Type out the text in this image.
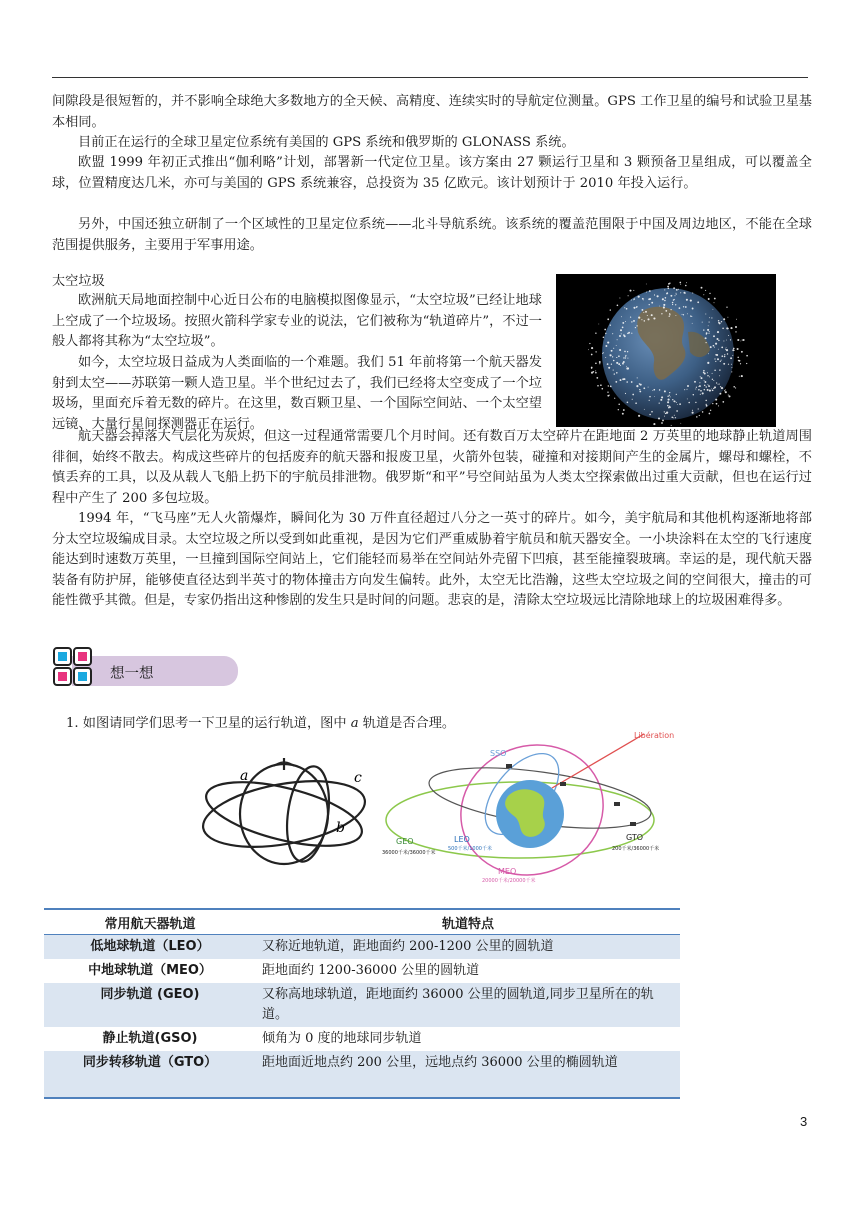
间隙段是很短暂的，并不影响全球绝大多数地方的全天候、高精度、连续实时的导航定位测量。GPS 工作卫星的编号和试验卫星基本相同。

目前正在运行的全球卫星定位系统有美国的 GPS 系统和俄罗斯的 GLONASS 系统。

欧盟 1999 年初正式推出“伽利略”计划，部署新一代定位卫星。该方案由 27 颗运行卫星和 3 颗预备卫星组成，可以覆盖全球，位置精度达几米，亦可与美国的 GPS 系统兼容，总投资为 35 亿欧元。该计划预计于 2010 年投入运行。

另外，中国还独立研制了一个区域性的卫星定位系统——北斗导航系统。该系统的覆盖范围限于中国及周边地区，不能在全球范围提供服务，主要用于军事用途。

太空垃圾

欧洲航天局地面控制中心近日公布的电脑模拟图像显示，“太空垃圾”已经让地球上空成了一个垃圾场。按照火箭科学家专业的说法，它们被称为“轨道碎片”，不过一般人都将其称为“太空垃圾”。

如今，太空垃圾日益成为人类面临的一个难题。我们 51 年前将第一个航天器发射到太空——苏联第一颗人造卫星。半个世纪过去了，我们已经将太空变成了一个垃圾场，里面充斥着无数的碎片。在这里，数百颗卫星、一个国际空间站、一个太空望远镜、大量行星间探测器正在运行。

航天器会掉落大气层化为灰烬，但这一过程通常需要几个月时间。还有数百万太空碎片在距地面 2 万英里的地球静止轨道周围徘徊，始终不散去。构成这些碎片的包括废弃的航天器和报废卫星，火箭外包装，碰撞和对接期间产生的金属片，螺母和螺栓，不慎丢弃的工具，以及从载人飞船上扔下的宇航员排泄物。俄罗斯“和平”号空间站虽为人类太空探索做出过重大贡献，但也在运行过程中产生了 200 多包垃圾。

1994 年，“飞马座”无人火箭爆炸，瞬间化为 30 万件直径超过八分之一英寸的碎片。如今，美宇航局和其他机构逐渐地将部分太空垃圾编成目录。太空垃圾之所以受到如此重视，是因为它们严重威胁着宇航员和航天器安全。一小块涂料在太空的飞行速度能达到时速数万英里，一旦撞到国际空间站上，它们能轻而易举在空间站外壳留下凹痕，甚至能撞裂玻璃。幸运的是，现代航天器装备有防护屏，能够使直径达到半英寸的物体撞击方向发生偏转。此外，太空无比浩瀚，这些太空垃圾之间的空间很大，撞击的可能性微乎其微。但是，专家仍指出这种惨剧的发生只是时间的问题。悲哀的是，清除太空垃圾远比清除地球上的垃圾困难得多。

想一想

1. 如图请同学们思考一下卫星的运行轨道，图中 a 轨道是否合理。

a	c
b
Libération
SSO
LEO
500千米/1000千米
GEO
36000千米/36000千米
MEO
20000千米/20000千米
GTO
200千米/36000千米
常用航天器轨道	轨道特点
低地球轨道（LEO）	又称近地轨道，距地面约 200-1200 公里的圆轨道
中地球轨道（MEO）	距地面约 1200-36000 公里的圆轨道
同步轨道 (GEO)	又称高地球轨道，距地面约 36000 公里的圆轨道,同步卫星所在的轨道。
静止轨道(GSO)	倾角为 0 度的地球同步轨道
同步转移轨道（GTO）	距地面近地点约 200 公里，远地点约 36000 公里的椭圆轨道
3
